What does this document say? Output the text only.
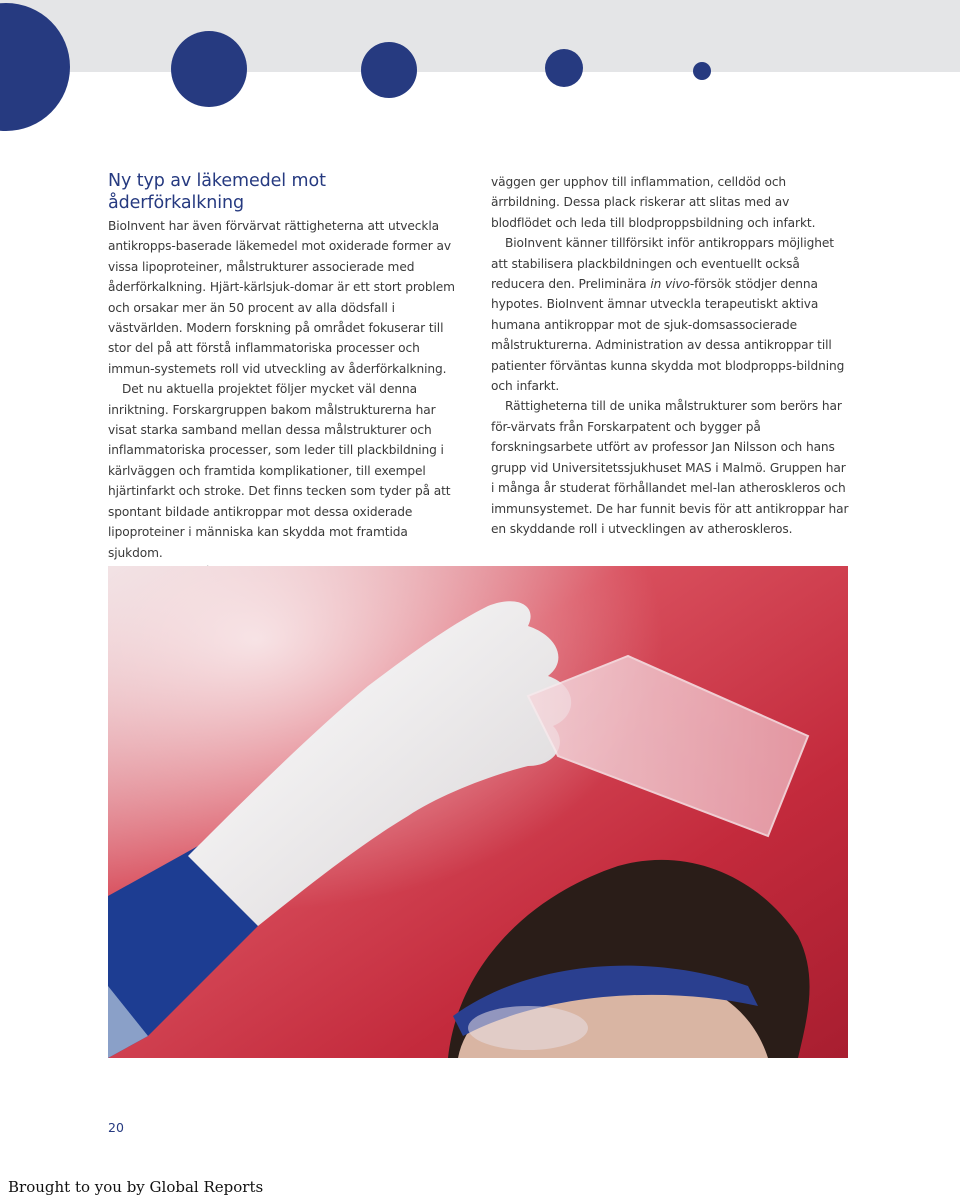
Ny typ av läkemedel mot åderförkalkning

BioInvent har även förvärvat rättigheterna att utveckla antikropps-baserade läkemedel mot oxiderade former av vissa lipoproteiner, målstrukturer associerade med åderförkalkning. Hjärt-kärlsjuk-domar är ett stort problem och orsakar mer än 50 procent av alla dödsfall i västvärlden. Modern forskning på området fokuserar till stor del på att förstå inflammatoriska processer och immun-systemets roll vid utveckling av åderförkalkning.

Det nu aktuella projektet följer mycket väl denna inriktning. Forskargruppen bakom målstrukturerna har visat starka samband mellan dessa målstrukturer och inflammatoriska processer, som leder till plackbildning i kärlväggen och framtida komplikationer, till exempel hjärtinfarkt och stroke. Det finns tecken som tyder på att spontant bildade antikroppar mot dessa oxiderade lipoproteiner i människa kan skydda mot framtida sjukdom.

väggen ger upphov till inflammation, celldöd och ärrbildning. Dessa plack riskerar att slitas med av blodflödet och leda till blodproppsbildning och infarkt.

BioInvent känner tillförsikt inför antikroppars möjlighet att stabilisera plackbildningen och eventuellt också reducera den. Preliminära in vivo-försök stödjer denna hypotes. BioInvent ämnar utveckla terapeutiskt aktiva humana antikroppar mot de sjuk-domsassocierade målstrukturerna. Administration av dessa antikroppar till patienter förväntas kunna skydda mot blodpropps-bildning och infarkt.

Rättigheterna till de unika målstrukturer som berörs har för-värvats från Forskarpatent och bygger på forskningsarbete utfört av professor Jan Nilsson och hans grupp vid Universitetssjukhuset MAS i Malmö. Gruppen har i många år studerat förhållandet mel-lan atheroskleros och immunsystemet. De har funnit bevis för att antikroppar har en skyddande roll i utvecklingen av atheroskleros.

20
Brought to you by Global Reports
